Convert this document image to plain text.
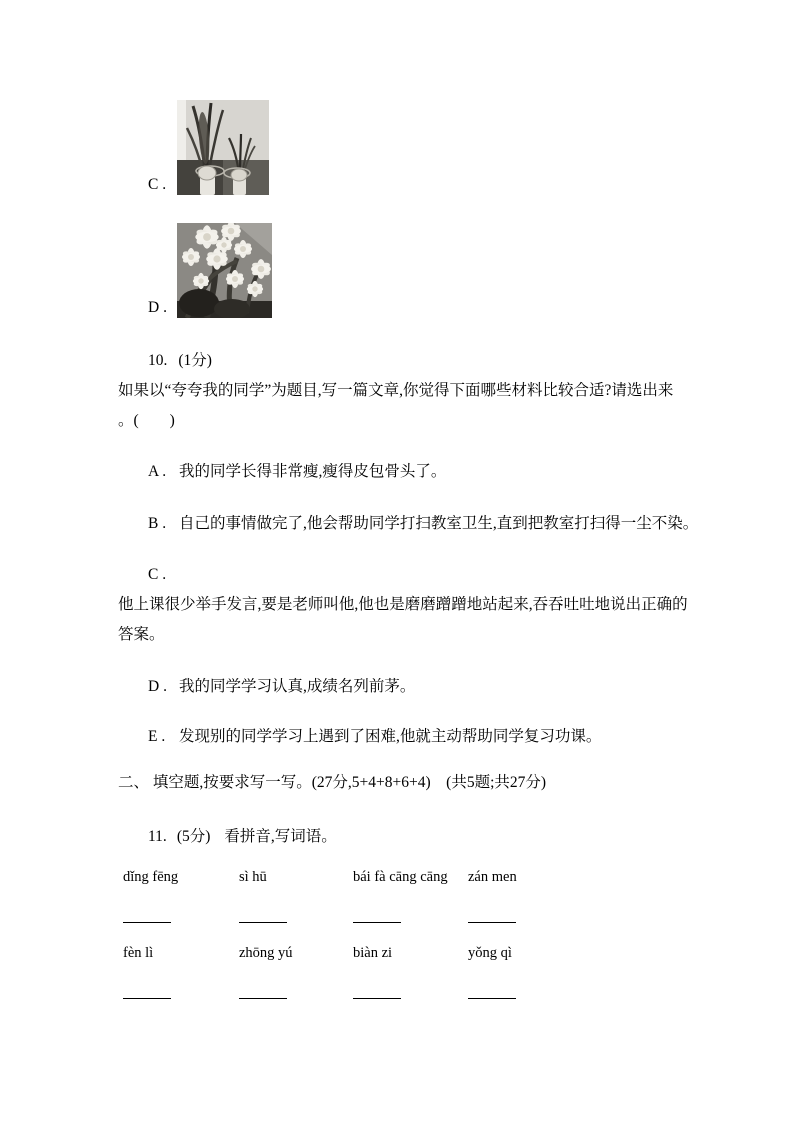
C .
D .
10. (1分)
如果以“夸夸我的同学”为题目,写一篇文章,你觉得下面哪些材料比较合适?请选出来
。(　　)
A . 我的同学长得非常瘦,瘦得皮包骨头了。
B . 自己的事情做完了,他会帮助同学打扫教室卫生,直到把教室打扫得一尘不染。
C .
他上课很少举手发言,要是老师叫他,他也是磨磨蹭蹭地站起来,吞吞吐吐地说出正确的
答案。
D . 我的同学学习认真,成绩名列前茅。
E . 发现别的同学学习上遇到了困难,他就主动帮助同学复习功课。
二、 填空题,按要求写一写。(27分,5+4+8+6+4)　(共5题;共27分)
11. (5分) 看拼音,写词语。
dǐng fēng	sì hū	bái fà cāng cāng	zán men
fèn lì	zhōng yú	biàn zi	yǒng qì
